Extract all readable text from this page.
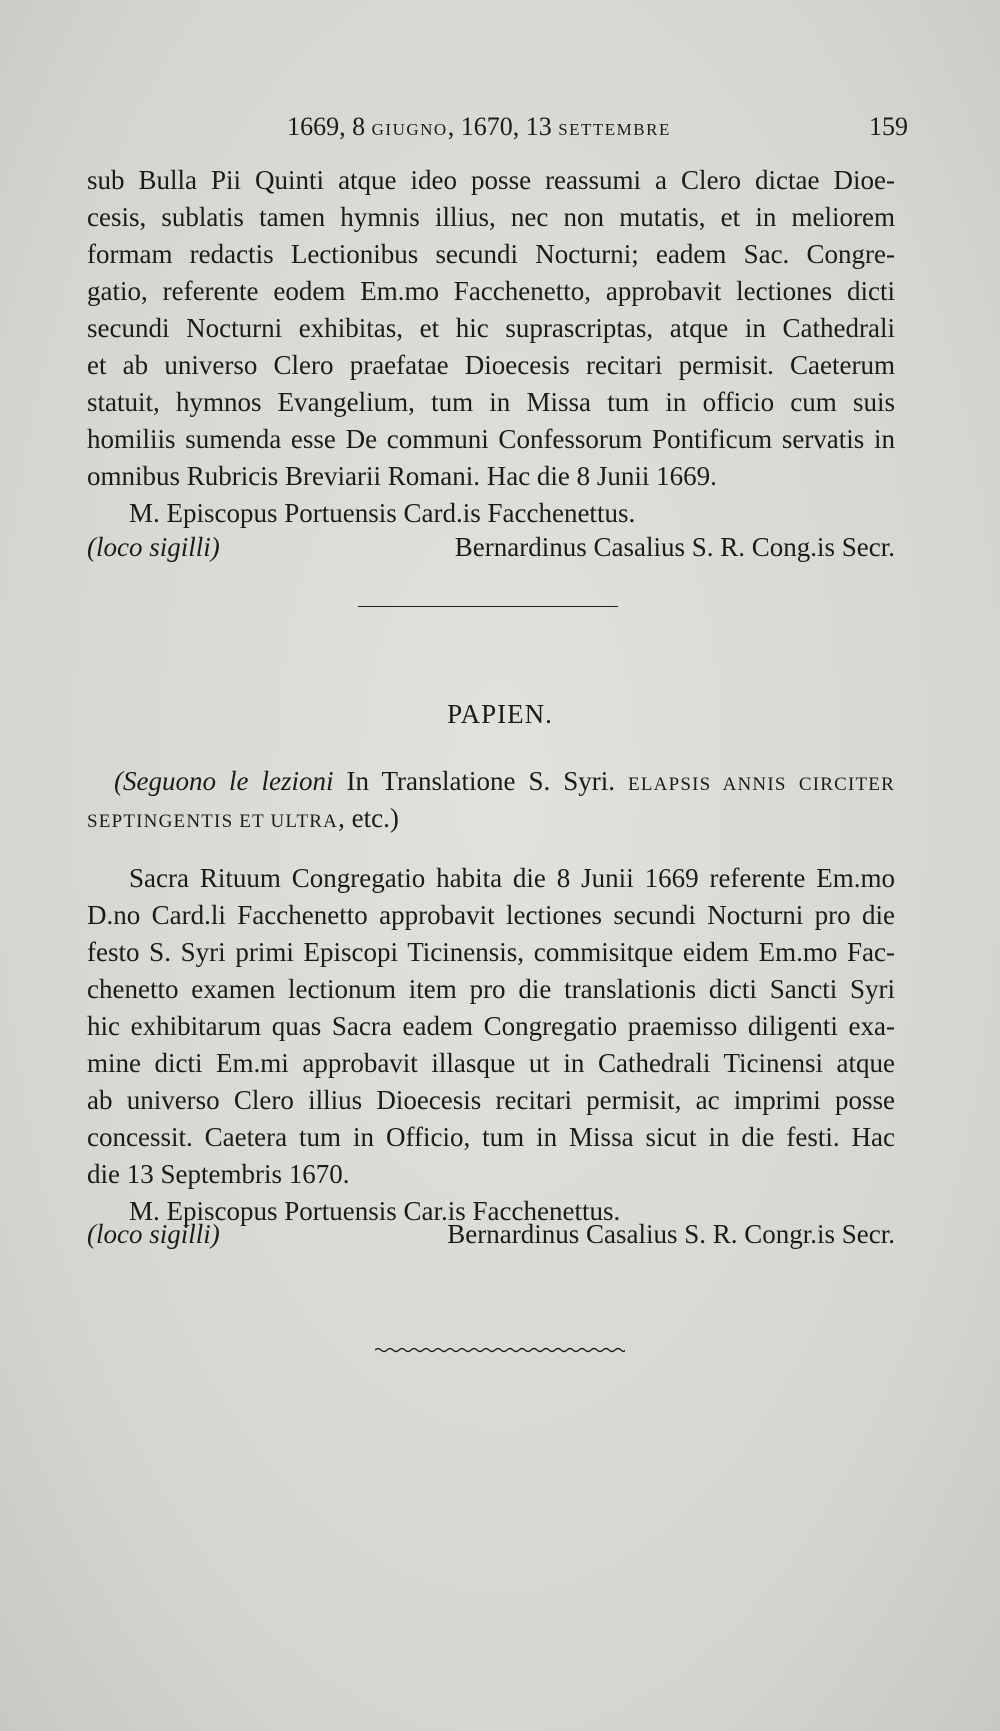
1669, 8 GIUGNO, 1670, 13 SETTEMBRE	159
sub Bulla Pii Quinti atque ideo posse reassumi a Clero dictae Dioe-
cesis, sublatis tamen hymnis illius, nec non mutatis, et in meliorem
formam redactis Lectionibus secundi Nocturni; eadem Sac. Congre-
gatio, referente eodem Em.mo Facchenetto, approbavit lectiones dicti
secundi Nocturni exhibitas, et hic suprascriptas, atque in Cathedrali
et ab universo Clero praefatae Dioecesis recitari permisit. Caeterum
statuit, hymnos Evangelium, tum in Missa tum in officio cum suis
homiliis sumenda esse De communi Confessorum Pontificum servatis in
omnibus Rubricis Breviarii Romani. Hac die 8 Junii 1669.
M. Episcopus Portuensis Card.is Facchenettus.
(loco sigilli)	Bernardinus Casalius S. R. Cong.is Secr.
PAPIEN.
(Seguono le lezioni In Translatione S. Syri. ELAPSIS ANNIS CIRCITER
SEPTINGENTIS ET ULTRA, etc.)
Sacra Rituum Congregatio habita die 8 Junii 1669 referente Em.mo
D.no Card.li Facchenetto approbavit lectiones secundi Nocturni pro die
festo S. Syri primi Episcopi Ticinensis, commisitque eidem Em.mo Fac-
chenetto examen lectionum item pro die translationis dicti Sancti Syri
hic exhibitarum quas Sacra eadem Congregatio praemisso diligenti exa-
mine dicti Em.mi approbavit illasque ut in Cathedrali Ticinensi atque
ab universo Clero illius Dioecesis recitari permisit, ac imprimi posse
concessit. Caetera tum in Officio, tum in Missa sicut in die festi. Hac
die 13 Septembris 1670.
M. Episcopus Portuensis Car.is Facchenettus.
(loco sigilli)	Bernardinus Casalius S. R. Congr.is Secr.
